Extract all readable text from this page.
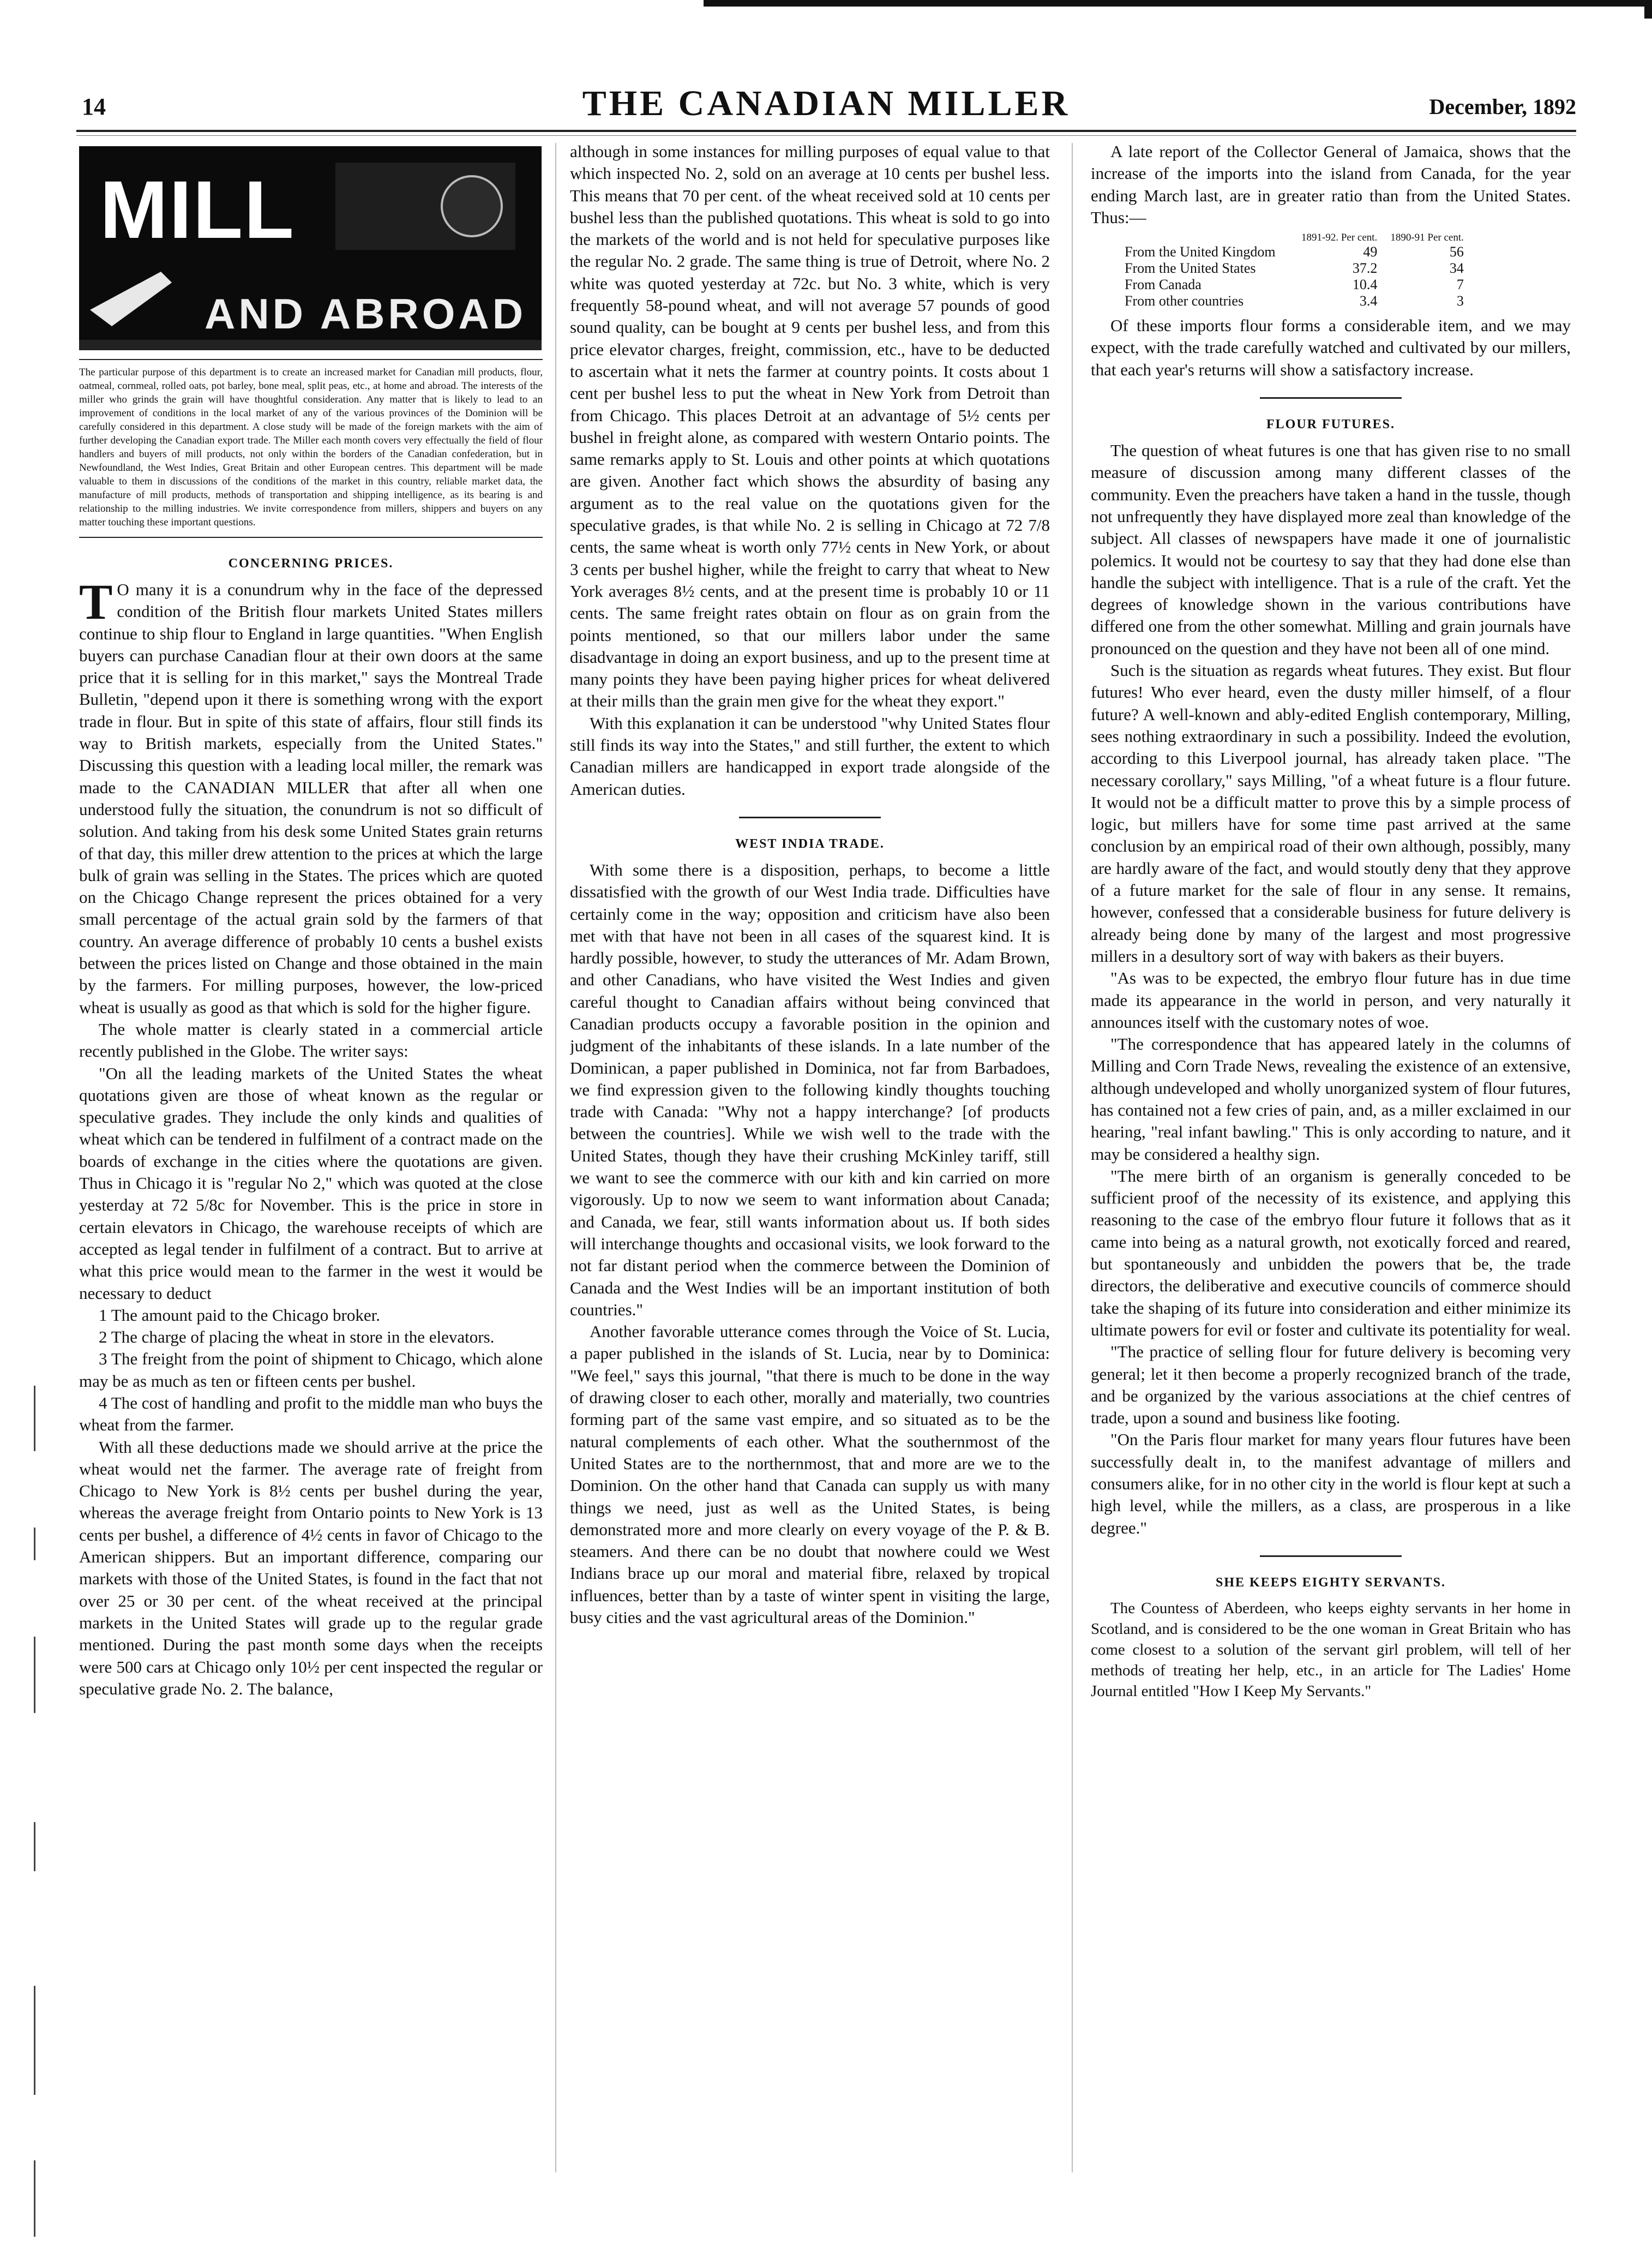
14	THE CANADIAN MILLER	December, 1892
MILL
AND ABROAD
The particular purpose of this department is to create an increased market for Canadian mill products, flour, oatmeal, cornmeal, rolled oats, pot barley, bone meal, split peas, etc., at home and abroad. The interests of the miller who grinds the grain will have thoughtful consideration. Any matter that is likely to lead to an improvement of conditions in the local market of any of the various provinces of the Dominion will be carefully considered in this department. A close study will be made of the foreign markets with the aim of further developing the Canadian export trade. The Miller each month covers very effectually the field of flour handlers and buyers of mill products, not only within the borders of the Canadian confederation, but in Newfoundland, the West Indies, Great Britain and other European centres. This department will be made valuable to them in discussions of the conditions of the market in this country, reliable market data, the manufacture of mill products, methods of transportation and shipping intelligence, as its bearing is and relationship to the milling industries. We invite correspondence from millers, shippers and buyers on any matter touching these important questions.
CONCERNING PRICES.

T O many it is a conundrum why in the face of the depressed condition of the British flour markets United States millers continue to ship flour to England in large quantities. "When English buyers can purchase Canadian flour at their own doors at the same price that it is selling for in this market," says the Montreal Trade Bulletin, "depend upon it there is something wrong with the export trade in flour. But in spite of this state of affairs, flour still finds its way to British markets, especially from the United States." Discussing this question with a leading local miller, the remark was made to the CANADIAN MILLER that after all when one understood fully the situation, the conundrum is not so difficult of solution. And taking from his desk some United States grain returns of that day, this miller drew attention to the prices at which the large bulk of grain was selling in the States. The prices which are quoted on the Chicago Change represent the prices obtained for a very small percentage of the actual grain sold by the farmers of that country. An average difference of probably 10 cents a bushel exists between the prices listed on Change and those obtained in the main by the farmers. For milling purposes, however, the low-priced wheat is usually as good as that which is sold for the higher figure.

The whole matter is clearly stated in a commercial article recently published in the Globe. The writer says:

"On all the leading markets of the United States the wheat quotations given are those of wheat known as the regular or speculative grades. They include the only kinds and qualities of wheat which can be tendered in fulfilment of a contract made on the boards of exchange in the cities where the quotations are given. Thus in Chicago it is "regular No 2," which was quoted at the close yesterday at 72 5/8c for November. This is the price in store in certain elevators in Chicago, the warehouse receipts of which are accepted as legal tender in fulfilment of a contract. But to arrive at what this price would mean to the farmer in the west it would be necessary to deduct

1 The amount paid to the Chicago broker.

2 The charge of placing the wheat in store in the elevators.

3 The freight from the point of shipment to Chicago, which alone may be as much as ten or fifteen cents per bushel.

4 The cost of handling and profit to the middle man who buys the wheat from the farmer.

With all these deductions made we should arrive at the price the wheat would net the farmer. The average rate of freight from Chicago to New York is 8½ cents per bushel during the year, whereas the average freight from Ontario points to New York is 13 cents per bushel, a difference of 4½ cents in favor of Chicago to the American shippers. But an important difference, comparing our markets with those of the United States, is found in the fact that not over 25 or 30 per cent. of the wheat received at the principal markets in the United States will grade up to the regular grade mentioned. During the past month some days when the receipts were 500 cars at Chicago only 10½ per cent inspected the regular or speculative grade No. 2. The balance,

although in some instances for milling purposes of equal value to that which inspected No. 2, sold on an average at 10 cents per bushel less. This means that 70 per cent. of the wheat received sold at 10 cents per bushel less than the published quotations. This wheat is sold to go into the markets of the world and is not held for speculative purposes like the regular No. 2 grade. The same thing is true of Detroit, where No. 2 white was quoted yesterday at 72c. but No. 3 white, which is very frequently 58-pound wheat, and will not average 57 pounds of good sound quality, can be bought at 9 cents per bushel less, and from this price elevator charges, freight, commission, etc., have to be deducted to ascertain what it nets the farmer at country points. It costs about 1 cent per bushel less to put the wheat in New York from Detroit than from Chicago. This places Detroit at an advantage of 5½ cents per bushel in freight alone, as compared with western Ontario points. The same remarks apply to St. Louis and other points at which quotations are given. Another fact which shows the absurdity of basing any argument as to the real value on the quotations given for the speculative grades, is that while No. 2 is selling in Chicago at 72 7/8 cents, the same wheat is worth only 77½ cents in New York, or about 3 cents per bushel higher, while the freight to carry that wheat to New York averages 8½ cents, and at the present time is probably 10 or 11 cents. The same freight rates obtain on flour as on grain from the points mentioned, so that our millers labor under the same disadvantage in doing an export business, and up to the present time at many points they have been paying higher prices for wheat delivered at their mills than the grain men give for the wheat they export."

With this explanation it can be understood "why United States flour still finds its way into the States," and still further, the extent to which Canadian millers are handicapped in export trade alongside of the American duties.

WEST INDIA TRADE.

With some there is a disposition, perhaps, to become a little dissatisfied with the growth of our West India trade. Difficulties have certainly come in the way; opposition and criticism have also been met with that have not been in all cases of the squarest kind. It is hardly possible, however, to study the utterances of Mr. Adam Brown, and other Canadians, who have visited the West Indies and given careful thought to Canadian affairs without being convinced that Canadian products occupy a favorable position in the opinion and judgment of the inhabitants of these islands. In a late number of the Dominican, a paper published in Dominica, not far from Barbadoes, we find expression given to the following kindly thoughts touching trade with Canada: "Why not a happy interchange? [of products between the countries]. While we wish well to the trade with the United States, though they have their crushing McKinley tariff, still we want to see the commerce with our kith and kin carried on more vigorously. Up to now we seem to want information about Canada; and Canada, we fear, still wants information about us. If both sides will interchange thoughts and occasional visits, we look forward to the not far distant period when the commerce between the Dominion of Canada and the West Indies will be an important institution of both countries."

Another favorable utterance comes through the Voice of St. Lucia, a paper published in the islands of St. Lucia, near by to Dominica: "We feel," says this journal, "that there is much to be done in the way of drawing closer to each other, morally and materially, two countries forming part of the same vast empire, and so situated as to be the natural complements of each other. What the southernmost of the United States are to the northernmost, that and more are we to the Dominion. On the other hand that Canada can supply us with many things we need, just as well as the United States, is being demonstrated more and more clearly on every voyage of the P. & B. steamers. And there can be no doubt that nowhere could we West Indians brace up our moral and material fibre, relaxed by tropical influences, better than by a taste of winter spent in visiting the large, busy cities and the vast agricultural areas of the Dominion."

A late report of the Collector General of Jamaica, shows that the increase of the imports into the island from Canada, for the year ending March last, are in greater ratio than from the United States. Thus:—

	1891-92. Per cent.	1890-91 Per cent.
From the United Kingdom	49	56
From the United States	37.2	34
From Canada	10.4	7
From other countries	3.4	3

Of these imports flour forms a considerable item, and we may expect, with the trade carefully watched and cultivated by our millers, that each year's returns will show a satisfactory increase.

FLOUR FUTURES.

The question of wheat futures is one that has given rise to no small measure of discussion among many different classes of the community. Even the preachers have taken a hand in the tussle, though not unfrequently they have displayed more zeal than knowledge of the subject. All classes of newspapers have made it one of journalistic polemics. It would not be courtesy to say that they had done else than handle the subject with intelligence. That is a rule of the craft. Yet the degrees of knowledge shown in the various contributions have differed one from the other somewhat. Milling and grain journals have pronounced on the question and they have not been all of one mind.

Such is the situation as regards wheat futures. They exist. But flour futures! Who ever heard, even the dusty miller himself, of a flour future? A well-known and ably-edited English contemporary, Milling, sees nothing extraordinary in such a possibility. Indeed the evolution, according to this Liverpool journal, has already taken place. "The necessary corollary," says Milling, "of a wheat future is a flour future. It would not be a difficult matter to prove this by a simple process of logic, but millers have for some time past arrived at the same conclusion by an empirical road of their own although, possibly, many are hardly aware of the fact, and would stoutly deny that they approve of a future market for the sale of flour in any sense. It remains, however, confessed that a considerable business for future delivery is already being done by many of the largest and most progressive millers in a desultory sort of way with bakers as their buyers.

"As was to be expected, the embryo flour future has in due time made its appearance in the world in person, and very naturally it announces itself with the customary notes of woe.

"The correspondence that has appeared lately in the columns of Milling and Corn Trade News, revealing the existence of an extensive, although undeveloped and wholly unorganized system of flour futures, has contained not a few cries of pain, and, as a miller exclaimed in our hearing, "real infant bawling." This is only according to nature, and it may be considered a healthy sign.

"The mere birth of an organism is generally conceded to be sufficient proof of the necessity of its existence, and applying this reasoning to the case of the embryo flour future it follows that as it came into being as a natural growth, not exotically forced and reared, but spontaneously and unbidden the powers that be, the trade directors, the deliberative and executive councils of commerce should take the shaping of its future into consideration and either minimize its ultimate powers for evil or foster and cultivate its potentiality for weal.

"The practice of selling flour for future delivery is becoming very general; let it then become a properly recognized branch of the trade, and be organized by the various associations at the chief centres of trade, upon a sound and business like footing.

"On the Paris flour market for many years flour futures have been successfully dealt in, to the manifest advantage of millers and consumers alike, for in no other city in the world is flour kept at such a high level, while the millers, as a class, are prosperous in a like degree."

SHE KEEPS EIGHTY SERVANTS.

The Countess of Aberdeen, who keeps eighty servants in her home in Scotland, and is considered to be the one woman in Great Britain who has come closest to a solution of the servant girl problem, will tell of her methods of treating her help, etc., in an article for The Ladies' Home Journal entitled "How I Keep My Servants."
